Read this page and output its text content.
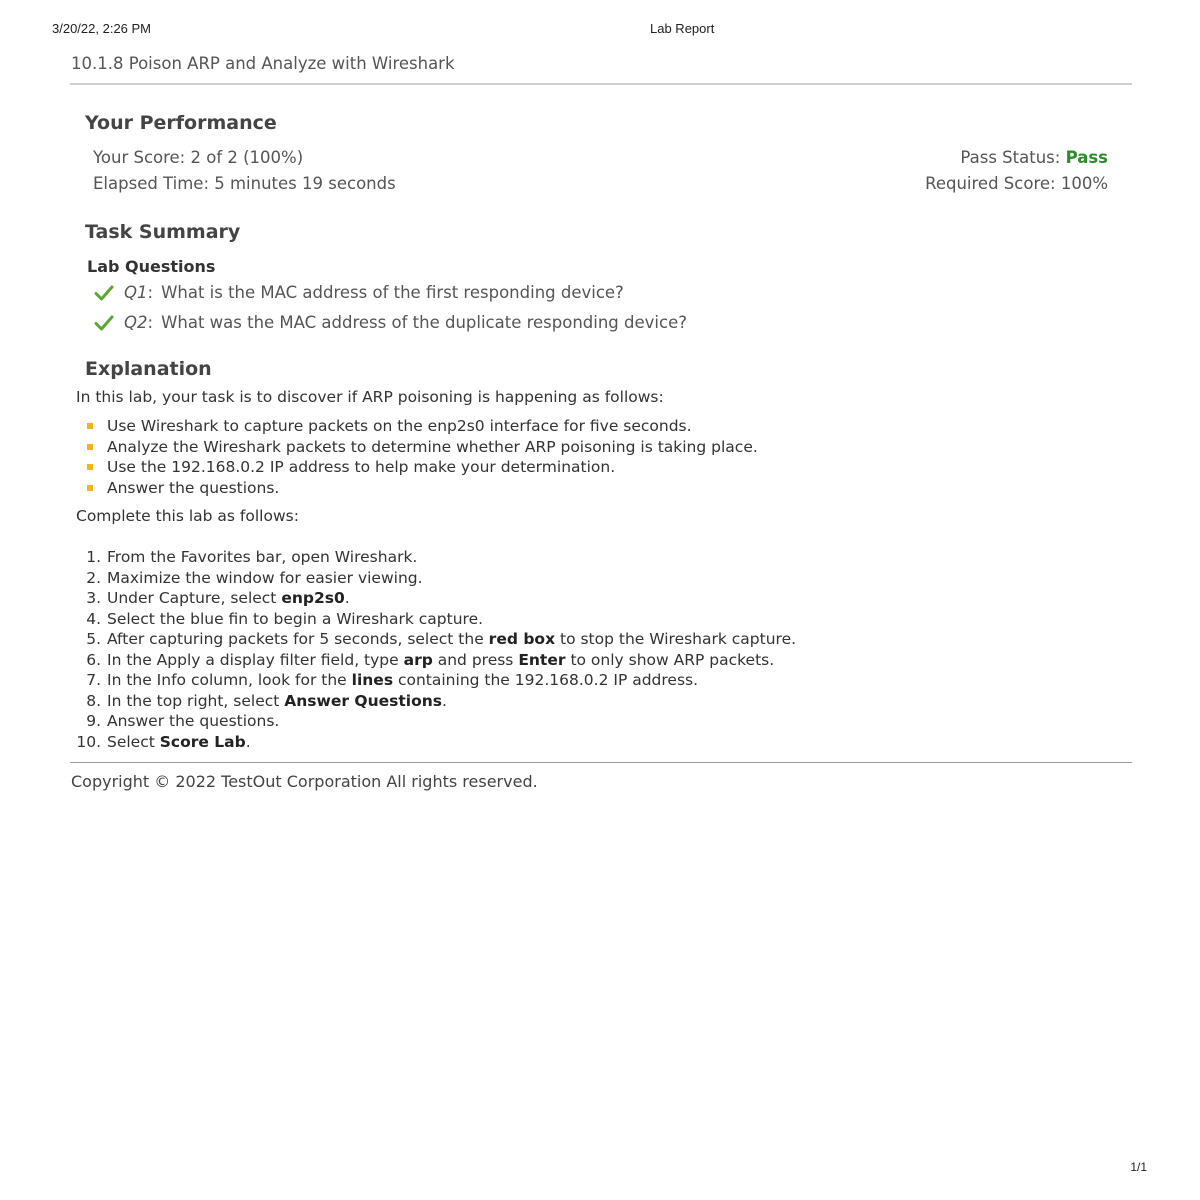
3/20/22, 2:26 PM	Lab Report
10.1.8 Poison ARP and Analyze with Wireshark
Your Performance
Your Score: 2 of 2 (100%)
Elapsed Time: 5 minutes 19 seconds
Pass Status: Pass
Required Score: 100%
Task Summary
Lab Questions
Q1: What is the MAC address of the first responding device?
Q2: What was the MAC address of the duplicate responding device?
Explanation
In this lab, your task is to discover if ARP poisoning is happening as follows:
Use Wireshark to capture packets on the enp2s0 interface for five seconds.
Analyze the Wireshark packets to determine whether ARP poisoning is taking place.
Use the 192.168.0.2 IP address to help make your determination.
Answer the questions.
Complete this lab as follows:
1. From the Favorites bar, open Wireshark.
2. Maximize the window for easier viewing.
3. Under Capture, select enp2s0.
4. Select the blue fin to begin a Wireshark capture.
5. After capturing packets for 5 seconds, select the red box to stop the Wireshark capture.
6. In the Apply a display filter field, type arp and press Enter to only show ARP packets.
7. In the Info column, look for the lines containing the 192.168.0.2 IP address.
8. In the top right, select Answer Questions.
9. Answer the questions.
10. Select Score Lab.
Copyright © 2022 TestOut Corporation All rights reserved.
1/1
